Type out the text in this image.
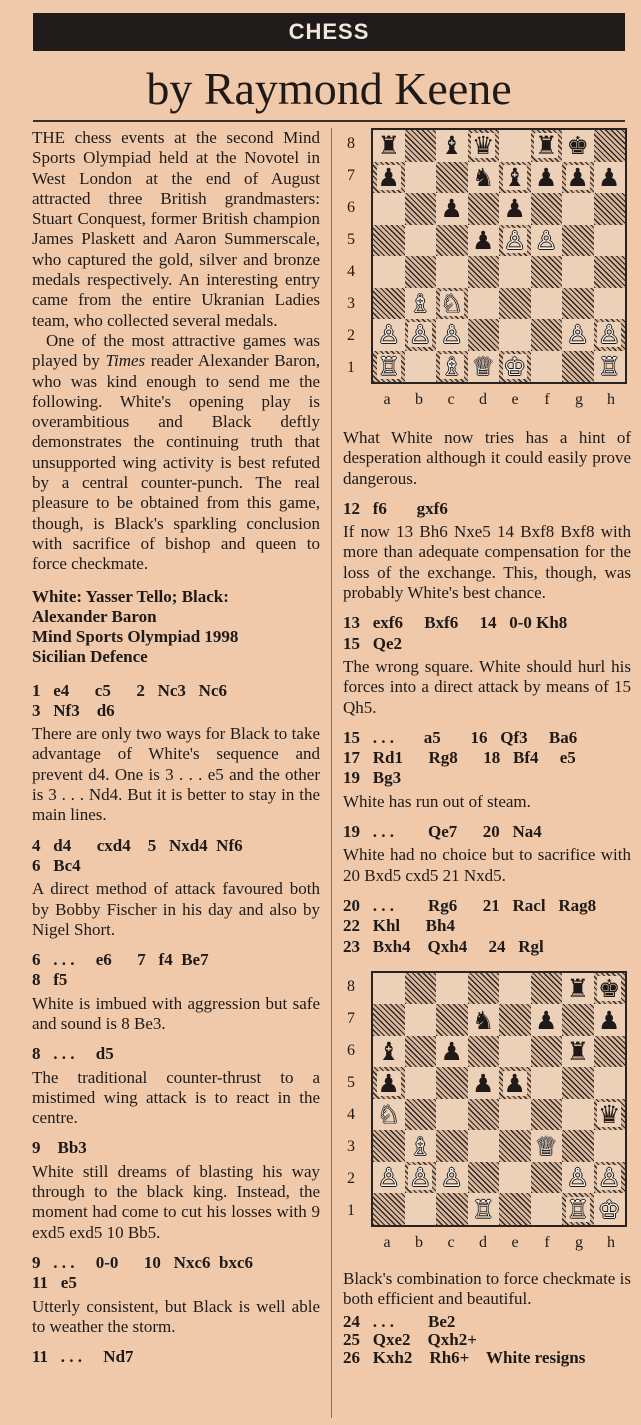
CHESS
by Raymond Keene

THE chess events at the second Mind Sports Olympiad held at the Novotel in West London at the end of August attracted three British grandmasters: Stuart Conquest, former British champion James Plaskett and Aaron Summerscale, who captured the gold, silver and bronze medals respectively. An interesting entry came from the entire Ukranian Ladies team, who collected several medals.

One of the most attractive games was played by Times reader Alexander Baron, who was kind enough to send me the following. White's opening play is overambitious and Black deftly demonstrates the continuing truth that unsupported wing activity is best refuted by a central counter-punch. The real pleasure to be obtained from this game, though, is Black's sparkling conclusion with sacrifice of bishop and queen to force checkmate.

White: Yasser Tello; Black:

Alexander Baron

Mind Sports Olympiad 1998

Sicilian Defence

1   e4      c5      2   Nc3   Nc6

3   Nf3    d6

There are only two ways for Black to take advantage of White's sequence and prevent d4. One is 3 . . . e5 and the other is 3 . . . Nd4. But it is better to stay in the main lines.

4   d4      cxd4    5   Nxd4  Nf6

6   Bc4

A direct method of attack favoured both by Bobby Fischer in his day and also by Nigel Short.

6   . . .     e6      7   f4  Be7

8   f5

White is imbued with aggression but safe and sound is 8 Be3.

8   . . .     d5

The traditional counter-thrust to a mistimed wing attack is to react in the centre.

9    Bb3

White still dreams of blasting his way through to the black king. Instead, the moment had come to cut his losses with 9 exd5 exd5 10 Bb5.

9   . . .     0-0      10   Nxc6  bxc6

11   e5

Utterly consistent, but Black is well able to weather the storm.

11   . . .     Nd7

8
7
6
5
4
3
2
1
♜ ♝ ♛ ♜ ♚
♟	♞ ♝ ♟ ♟ ♟
♟ ♟
♟ ♙ ♙
♗ ♘
♙ ♙ ♙	♙ ♙
♖ ♗ ♕ ♔	♖
a	b	c	d	e	f	g	h

What White now tries has a hint of desperation although it could easily prove dangerous.

12   f6       gxf6

If now 13 Bh6 Nxe5 14 Bxf8 Bxf8 with more than adequate compensation for the loss of the exchange. This, though, was probably White's best chance.

13   exf6     Bxf6     14   0-0 Kh8

15   Qe2

The wrong square. White should hurl his forces into a direct attack by means of 15 Qh5.

15   . . .       a5       16   Qf3     Ba6

17   Rd1      Rg8      18   Bf4     e5

19   Bg3

White has run out of steam.

19   . . .        Qe7      20   Na4

White had no choice but to sacrifice with 20 Bxd5 cxd5 21 Nxd5.

20   . . .        Rg6      21   Racl   Rag8

22   Khl      Bh4

23   Bxh4    Qxh4     24   Rgl

8
7
6
5
4
3
2
1
♜ ♚
♞ ♟ ♟
♝ ♟	♜
♟	♟ ♟
♘	♛
♗	♕
♙ ♙ ♙	♙ ♙
♖	♖ ♔
a	b	c	d	e	f	g	h

Black's combination to force checkmate is both efficient and beautiful.

24   . . .        Be2

25   Qxe2    Qxh2+

26   Kxh2    Rh6+    White resigns
